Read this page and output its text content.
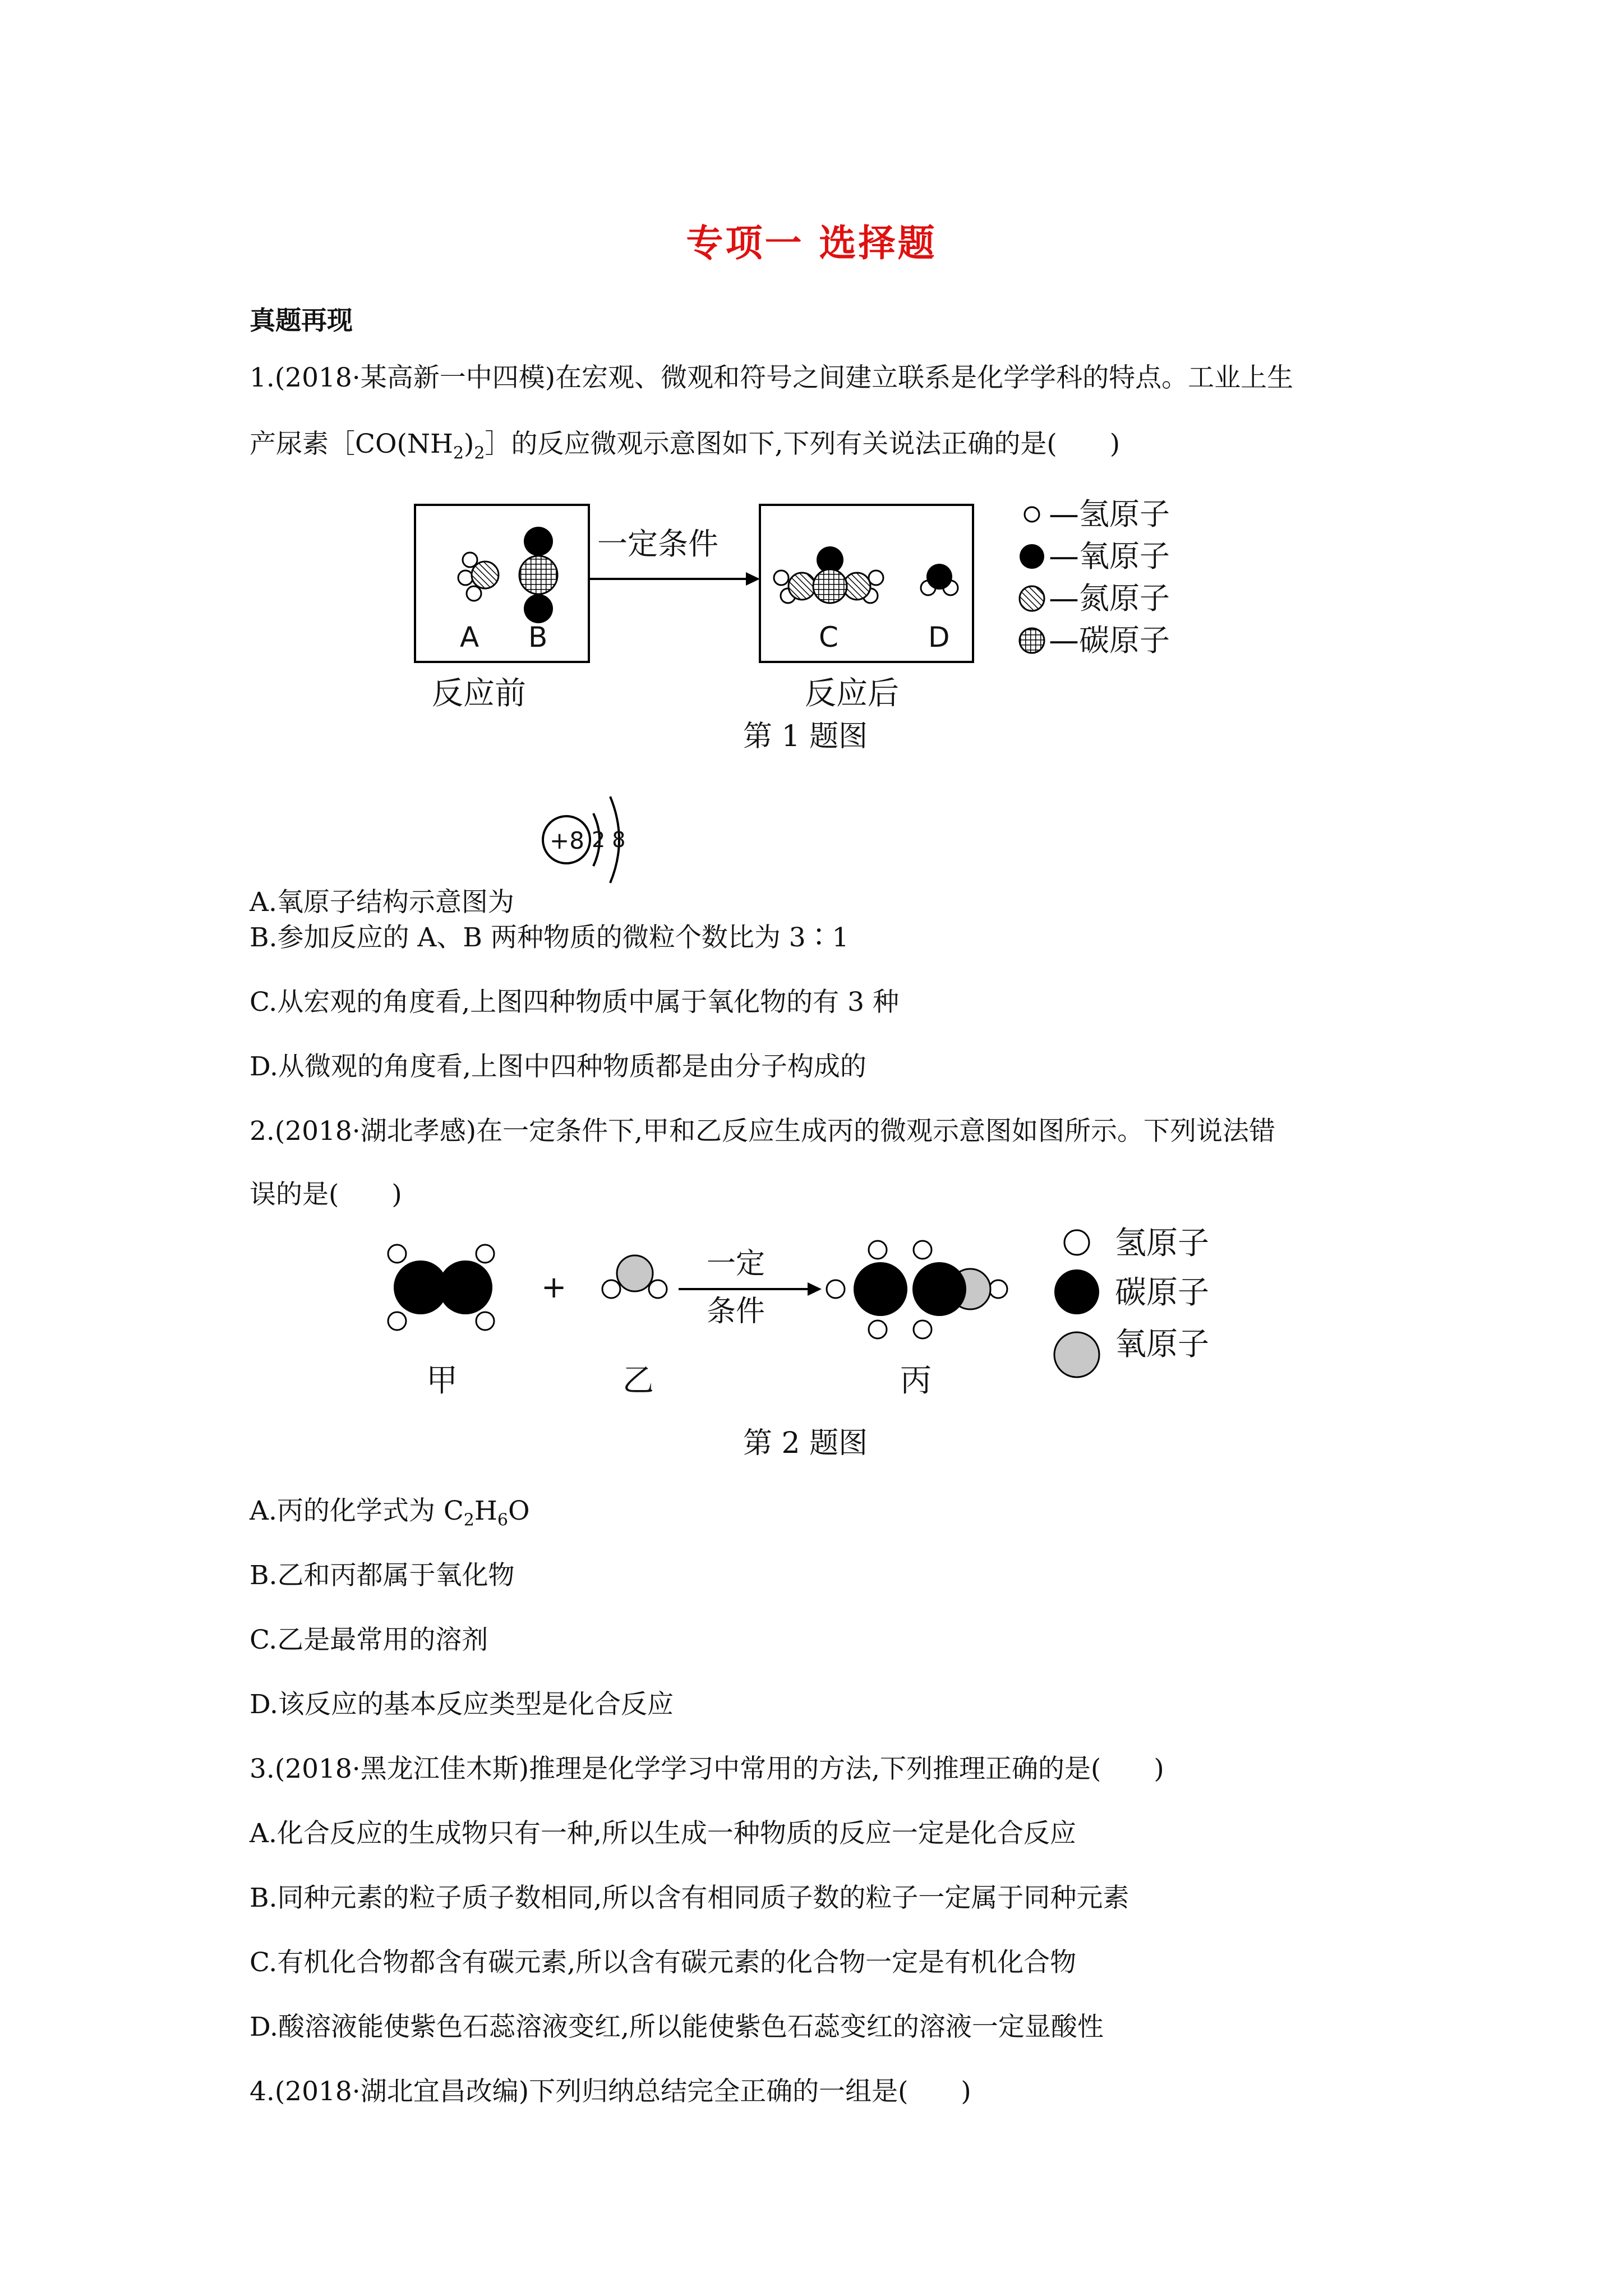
专项一 选择题
真题再现
1.(2018·某高新一中四模)在宏观、微观和符号之间建立联系是化学学科的特点。工业上生
产尿素$[CO(NH_2)_2]$的反应微观示意图如下,下列有关说法正确的是(　　)
A B
一定条件
C	D
—氢原子
—氧原子
—氮原子
—碳原子
反应前	反应后
第 1 题图
A.氧原子结构示意图为
+8 2 8
B.参加反应的 A、B 两种物质的微粒个数比为 3∶1
C.从宏观的角度看,上图四种物质中属于氧化物的有 3 种
D.从微观的角度看,上图中四种物质都是由分子构成的
2.(2018·湖北孝感)在一定条件下,甲和乙反应生成丙的微观示意图如图所示。下列说法错
误的是(　　)
+
一定
条件
甲	乙	丙
氢原子
碳原子
氧原子
第 2 题图
A.丙的化学式为 $C_2H_6O$
B.乙和丙都属于氧化物
C.乙是最常用的溶剂
D.该反应的基本反应类型是化合反应
3.(2018·黑龙江佳木斯)推理是化学学习中常用的方法,下列推理正确的是(　　)
A.化合反应的生成物只有一种,所以生成一种物质的反应一定是化合反应
B.同种元素的粒子质子数相同,所以含有相同质子数的粒子一定属于同种元素
C.有机化合物都含有碳元素,所以含有碳元素的化合物一定是有机化合物
D.酸溶液能使紫色石蕊溶液变红,所以能使紫色石蕊变红的溶液一定显酸性
4.(2018·湖北宜昌改编)下列归纳总结完全正确的一组是(　　)
